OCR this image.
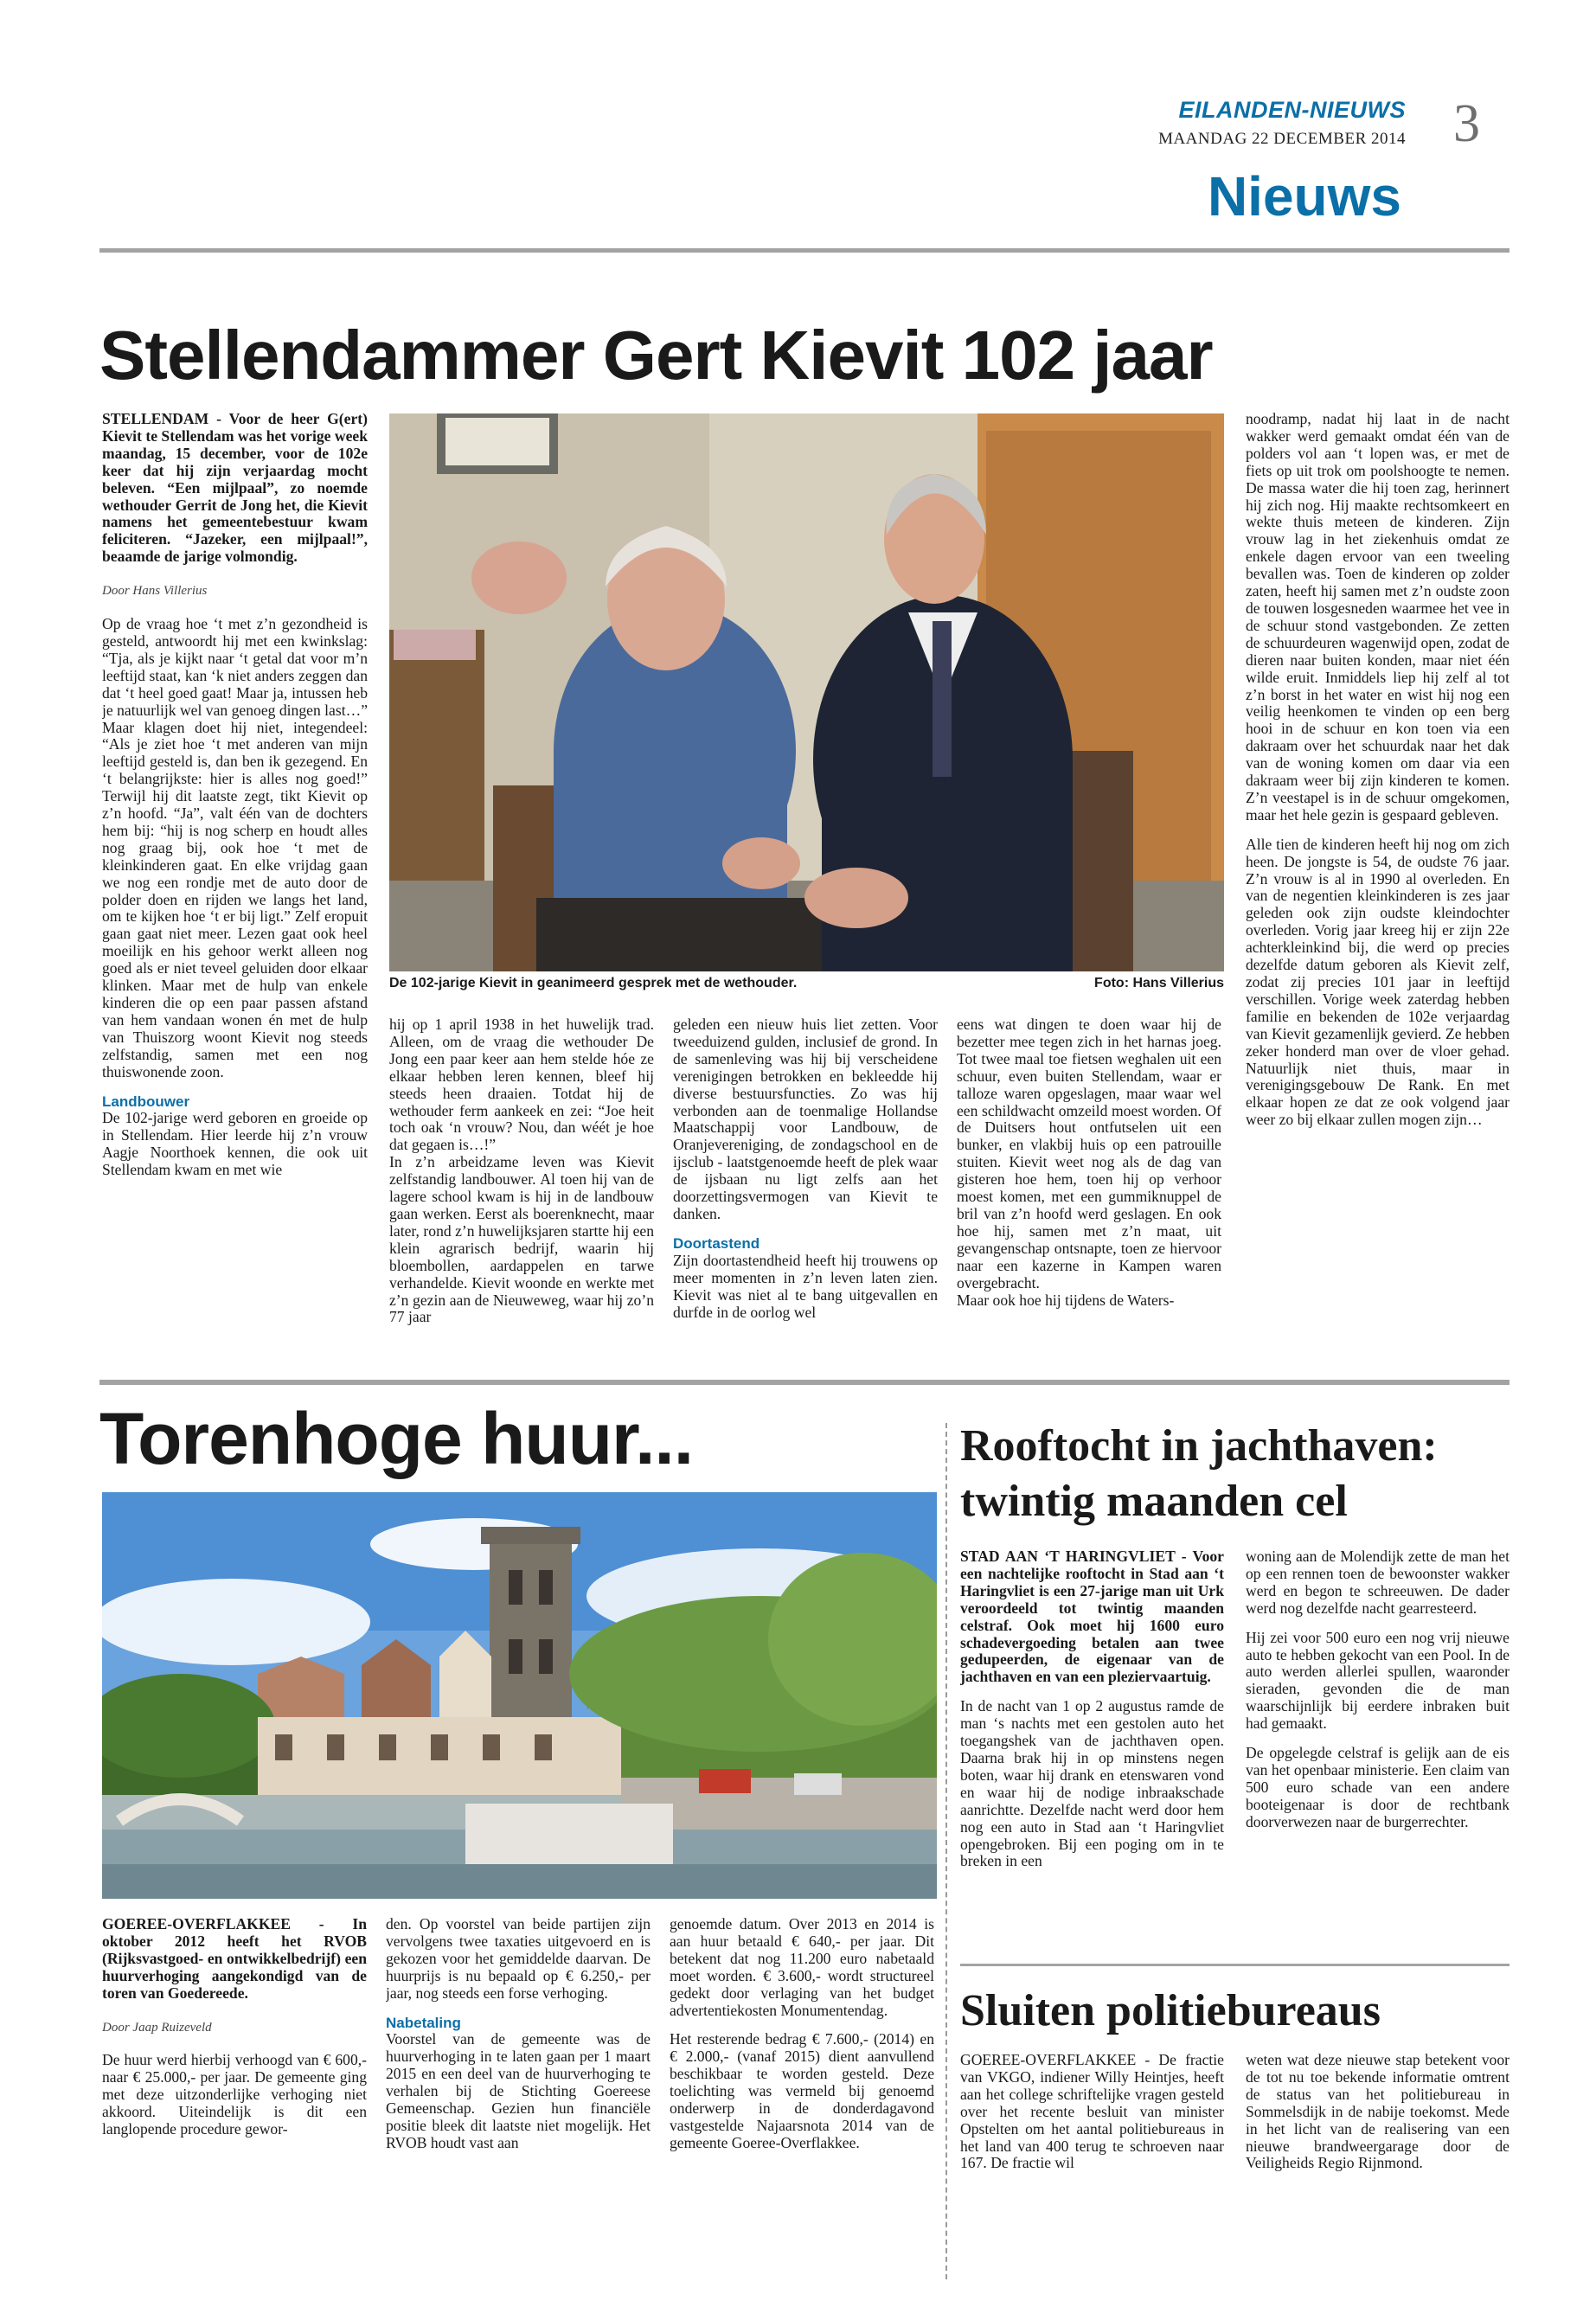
EILANDEN-NIEUWS
MAANDAG 22 DECEMBER 2014 3
Nieuws
Stellendammer Gert Kievit 102 jaar

STELLENDAM - Voor de heer G(ert) Kievit te Stellendam was het vorige week maandag, 15 december, voor de 102e keer dat hij zijn verjaardag mocht beleven. “Een mijlpaal”, zo noemde wethouder Gerrit de Jong het, die Kievit namens het gemeentebestuur kwam feliciteren. “Jazeker, een mijlpaal!”, beaamde de jarige volmondig.

Door Hans Villerius

Op de vraag hoe ‘t met z’n gezondheid is gesteld, antwoordt hij met een kwinkslag: “Tja, als je kijkt naar ‘t getal dat voor m’n leeftijd staat, kan ‘k niet anders zeggen dan dat ‘t heel goed gaat! Maar ja, intussen heb je natuurlijk wel van genoeg dingen last…” Maar klagen doet hij niet, integendeel: “Als je ziet hoe ‘t met anderen van mijn leeftijd gesteld is, dan ben ik gezegend. En ‘t belangrijkste: hier is alles nog goed!” Terwijl hij dit laatste zegt, tikt Kievit op z’n hoofd. “Ja”, valt één van de dochters hem bij: “hij is nog scherp en houdt alles nog graag bij, ook hoe ‘t met de kleinkinderen gaat. En elke vrijdag gaan we nog een rondje met de auto door de polder doen en rijden we langs het land, om te kijken hoe ‘t er bij ligt.” Zelf eropuit gaan gaat niet meer. Lezen gaat ook heel moeilijk en his gehoor werkt alleen nog goed als er niet teveel geluiden door elkaar klinken. Maar met de hulp van enkele kinderen die op een paar passen afstand van hem vandaan wonen én met de hulp van Thuiszorg woont Kievit nog steeds zelfstandig, samen met een nog thuiswonende zoon.

Landbouwer

De 102-jarige werd geboren en groeide op in Stellendam. Hier leerde hij z’n vrouw Aagje Noorthoek kennen, die ook uit Stellendam kwam en met wie

De 102-jarige Kievit in geanimeerd gesprek met de wethouder.	Foto: Hans Villerius

hij op 1 april 1938 in het huwelijk trad. Alleen, om de vraag die wethouder De Jong een paar keer aan hem stelde hóe ze elkaar hebben leren kennen, bleef hij steeds heen draaien. Totdat hij de wethouder ferm aankeek en zei: “Joe heit toch oak ‘n vrouw? Nou, dan wéét je hoe dat gegaen is…!”

In z’n arbeidzame leven was Kievit zelfstandig landbouwer. Al toen hij van de lagere school kwam is hij in de landbouw gaan werken. Eerst als boerenknecht, maar later, rond z’n huwelijksjaren startte hij een klein agrarisch bedrijf, waarin hij bloembollen, aardappelen en tarwe verhandelde. Kievit woonde en werkte met z’n gezin aan de Nieuweweg, waar hij zo’n 77 jaar

geleden een nieuw huis liet zetten. Voor tweeduizend gulden, inclusief de grond. In de samenleving was hij bij verscheidene verenigingen betrokken en bekleedde hij diverse bestuursfuncties. Zo was hij verbonden aan de toenmalige Hollandse Maatschappij voor Landbouw, de Oranjevereniging, de zondagschool en de ijsclub - laatstgenoemde heeft de plek waar de ijsbaan nu ligt zelfs aan het doorzettingsvermogen van Kievit te danken.

Doortastend

Zijn doortastendheid heeft hij trouwens op meer momenten in z’n leven laten zien. Kievit was niet al te bang uitgevallen en durfde in de oorlog wel

eens wat dingen te doen waar hij de bezetter mee tegen zich in het harnas joeg. Tot twee maal toe fietsen weghalen uit een schuur, even buiten Stellendam, waar er talloze waren opgeslagen, maar waar wel een schildwacht omzeild moest worden. Of de Duitsers hout ontfutselen uit een bunker, en vlakbij huis op een patrouille stuiten. Kievit weet nog als de dag van gisteren hoe hem, toen hij op verhoor moest komen, met een gummiknuppel de bril van z’n hoofd werd geslagen. En ook hoe hij, samen met z’n maat, uit gevangenschap ontsnapte, toen ze hiervoor naar een kazerne in Kampen waren overgebracht.

Maar ook hoe hij tijdens de Waters-

noodramp, nadat hij laat in de nacht wakker werd gemaakt omdat één van de polders vol aan ‘t lopen was, er met de fiets op uit trok om poolshoogte te nemen. De massa water die hij toen zag, herinnert hij zich nog. Hij maakte rechtsomkeert en wekte thuis meteen de kinderen. Zijn vrouw lag in het ziekenhuis omdat ze enkele dagen ervoor van een tweeling bevallen was. Toen de kinderen op zolder zaten, heeft hij samen met z’n oudste zoon de touwen losgesneden waarmee het vee in de schuur stond vastgebonden. Ze zetten de schuurdeuren wagenwijd open, zodat de dieren naar buiten konden, maar niet één wilde eruit. Inmiddels liep hij zelf al tot z’n borst in het water en wist hij nog een veilig heenkomen te vinden op een berg hooi in de schuur en kon toen via een dakraam over het schuurdak naar het dak van de woning komen om daar via een dakraam weer bij zijn kinderen te komen. Z’n veestapel is in de schuur omgekomen, maar het hele gezin is gespaard gebleven.

Alle tien de kinderen heeft hij nog om zich heen. De jongste is 54, de oudste 76 jaar. Z’n vrouw is al in 1990 al overleden. En van de negentien kleinkinderen is zes jaar geleden ook zijn oudste kleindochter overleden. Vorig jaar kreeg hij er zijn 22e achterkleinkind bij, die werd op precies dezelfde datum geboren als Kievit zelf, zodat zij precies 101 jaar in leeftijd verschillen. Vorige week zaterdag hebben familie en bekenden de 102e verjaardag van Kievit gezamenlijk gevierd. Ze hebben zeker honderd man over de vloer gehad. Natuurlijk niet thuis, maar in verenigingsgebouw De Rank. En met elkaar hopen ze dat ze ook volgend jaar weer zo bij elkaar zullen mogen zijn…

Torenhoge huur...

GOEREE-OVERFLAKKEE - In oktober 2012 heeft het RVOB (Rijksvastgoed- en ontwikkelbedrijf) een huurverhoging aangekondigd van de toren van Goedereede.

Door Jaap Ruizeveld

De huur werd hierbij verhoogd van € 600,- naar € 25.000,- per jaar. De gemeente ging met deze uitzonderlijke verhoging niet akkoord. Uiteindelijk is dit een langlopende procedure gewor-

den. Op voorstel van beide partijen zijn vervolgens twee taxaties uitgevoerd en is gekozen voor het gemiddelde daarvan. De huurprijs is nu bepaald op € 6.250,- per jaar, nog steeds een forse verhoging.

Nabetaling

Voorstel van de gemeente was de huurverhoging in te laten gaan per 1 maart 2015 en een deel van de huurverhoging te verhalen bij de Stichting Goereese Gemeenschap. Gezien hun financiële positie bleek dit laatste niet mogelijk. Het RVOB houdt vast aan

genoemde datum. Over 2013 en 2014 is aan huur betaald € 640,- per jaar. Dit betekent dat nog 11.200 euro nabetaald moet worden. € 3.600,- wordt structureel gedekt door verlaging van het budget advertentiekosten Monumentendag.

Het resterende bedrag € 7.600,- (2014) en € 2.000,- (vanaf 2015) dient aanvullend beschikbaar te worden gesteld. Deze toelichting was vermeld bij genoemd onderwerp in de donderdagavond vastgestelde Najaarsnota 2014 van de gemeente Goeree-Overflakkee.

Rooftocht in jachthaven: twintig maanden cel

STAD AAN ‘T HARINGVLIET - Voor een nachtelijke rooftocht in Stad aan ‘t Haringvliet is een 27-jarige man uit Urk veroordeeld tot twintig maanden celstraf. Ook moet hij 1600 euro schadevergoeding betalen aan twee gedupeerden, de eigenaar van de jachthaven en van een pleziervaartuig.

In de nacht van 1 op 2 augustus ramde de man ‘s nachts met een gestolen auto het toegangshek van de jachthaven open. Daarna brak hij in op minstens negen boten, waar hij drank en etenswaren vond en waar hij de nodige inbraakschade aanrichtte. Dezelfde nacht werd door hem nog een auto in Stad aan ‘t Haringvliet opengebroken. Bij een poging om in te breken in een

woning aan de Molendijk zette de man het op een rennen toen de bewoonster wakker werd en begon te schreeuwen. De dader werd nog dezelfde nacht gearresteerd.

Hij zei voor 500 euro een nog vrij nieuwe auto te hebben gekocht van een Pool. In de auto werden allerlei spullen, waaronder sieraden, gevonden die de man waarschijnlijk bij eerdere inbraken buit had gemaakt.

De opgelegde celstraf is gelijk aan de eis van het openbaar ministerie. Een claim van 500 euro schade van een andere booteigenaar is door de rechtbank doorverwezen naar de burgerrechter.

Sluiten politiebureaus

GOEREE-OVERFLAKKEE - De fractie van VKGO, indiener Willy Heintjes, heeft aan het college schriftelijke vragen gesteld over het recente besluit van minister Opstelten om het aantal politiebureaus in het land van 400 terug te schroeven naar 167. De fractie wil

weten wat deze nieuwe stap betekent voor de tot nu toe bekende informatie omtrent de status van het politiebureau in Sommelsdijk in de nabije toekomst. Mede in het licht van de realisering van een nieuwe brandweergarage door de Veiligheids Regio Rijnmond.
